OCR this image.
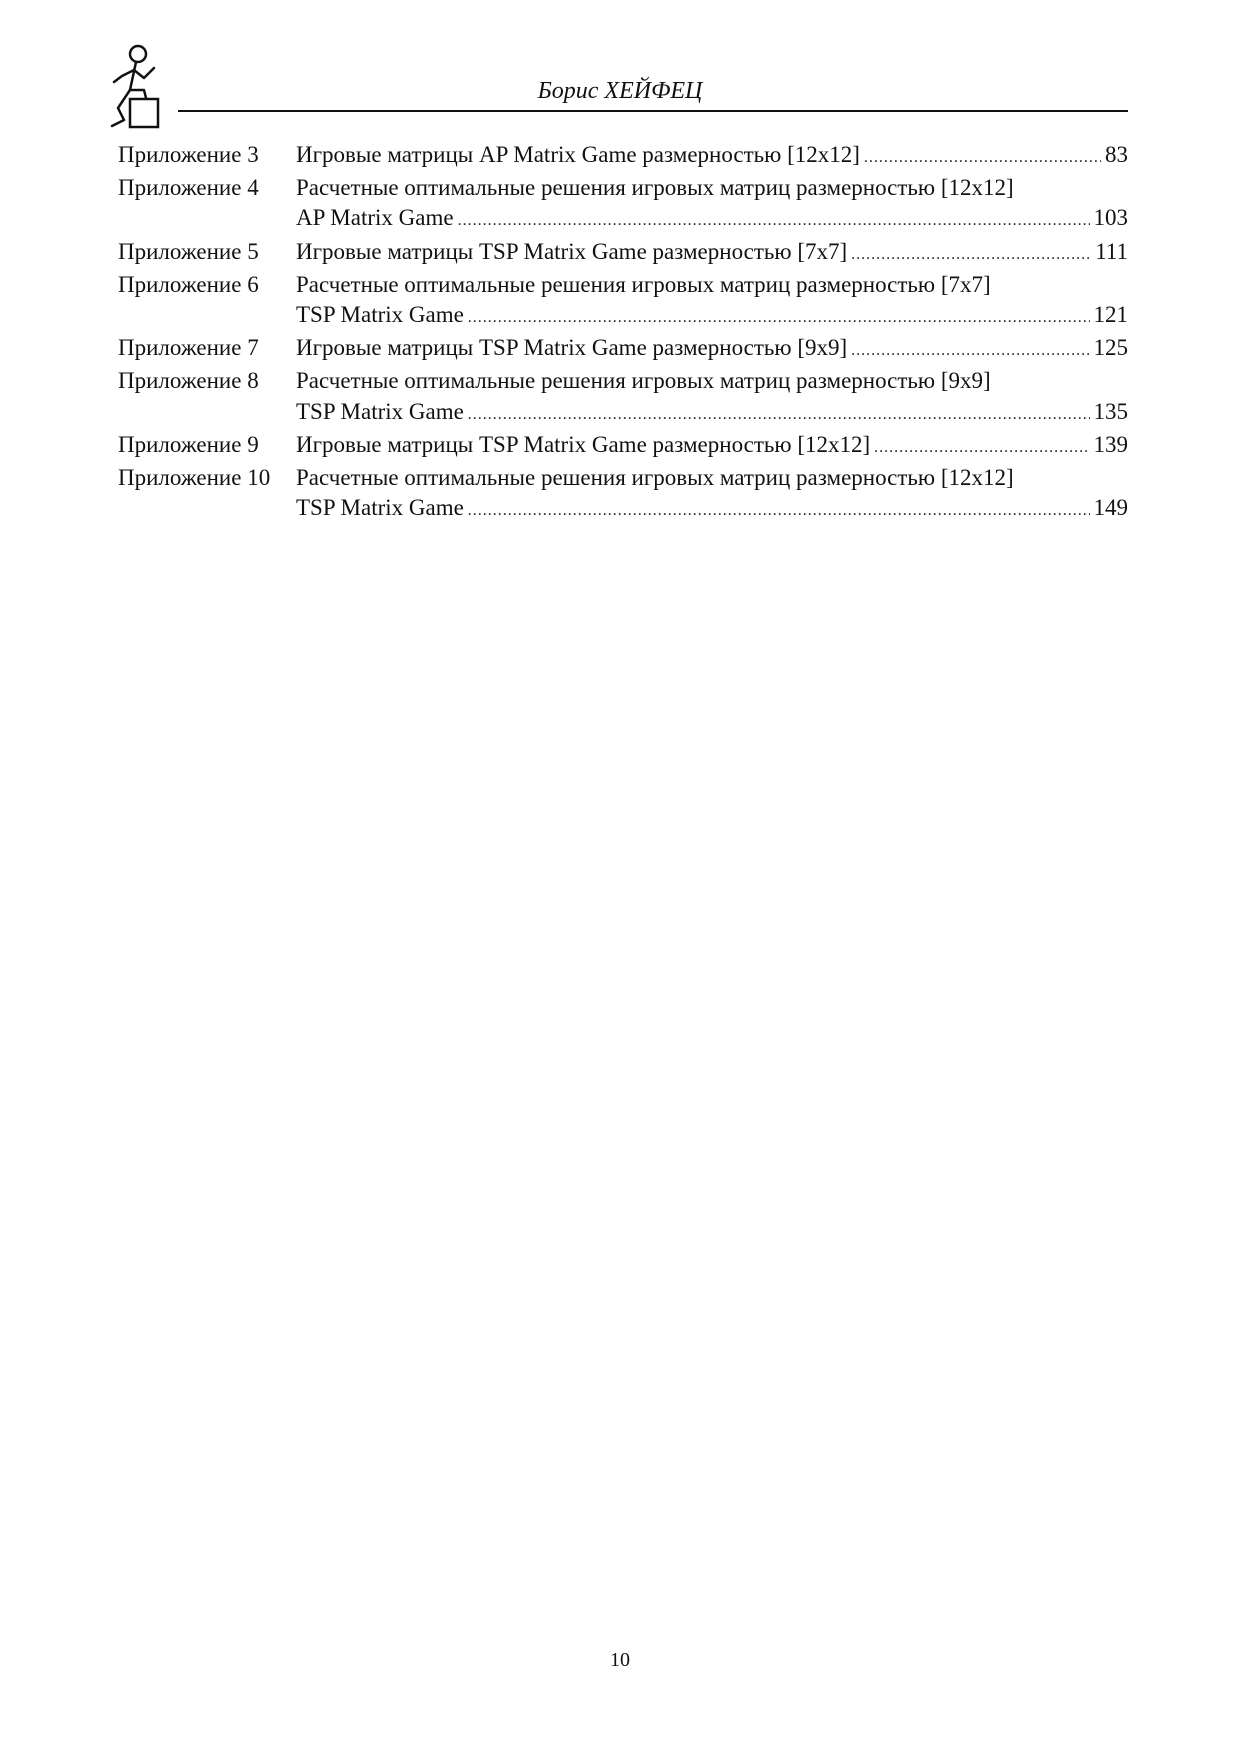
Борис ХЕЙФЕЦ
Приложение 3	Игровые матрицы AP Matrix Game размерностью [12x12] .....	83
Приложение 4	Расчетные оптимальные решения игровых матриц размерностью [12x12]
AP Matrix Game .....	103
Приложение 5	Игровые матрицы TSP Matrix Game размерностью [7x7] .....	111
Приложение 6	Расчетные оптимальные решения игровых матриц размерностью [7x7]
TSP Matrix Game .....	121
Приложение 7	Игровые матрицы TSP Matrix Game размерностью [9x9] .....	125
Приложение 8	Расчетные оптимальные решения игровых матриц размерностью [9x9]
TSP Matrix Game .....	135
Приложение 9	Игровые матрицы TSP Matrix Game размерностью [12x12] .....	139
Приложение 10	Расчетные оптимальные решения игровых матриц размерностью [12x12]
TSP Matrix Game .....	149
10
